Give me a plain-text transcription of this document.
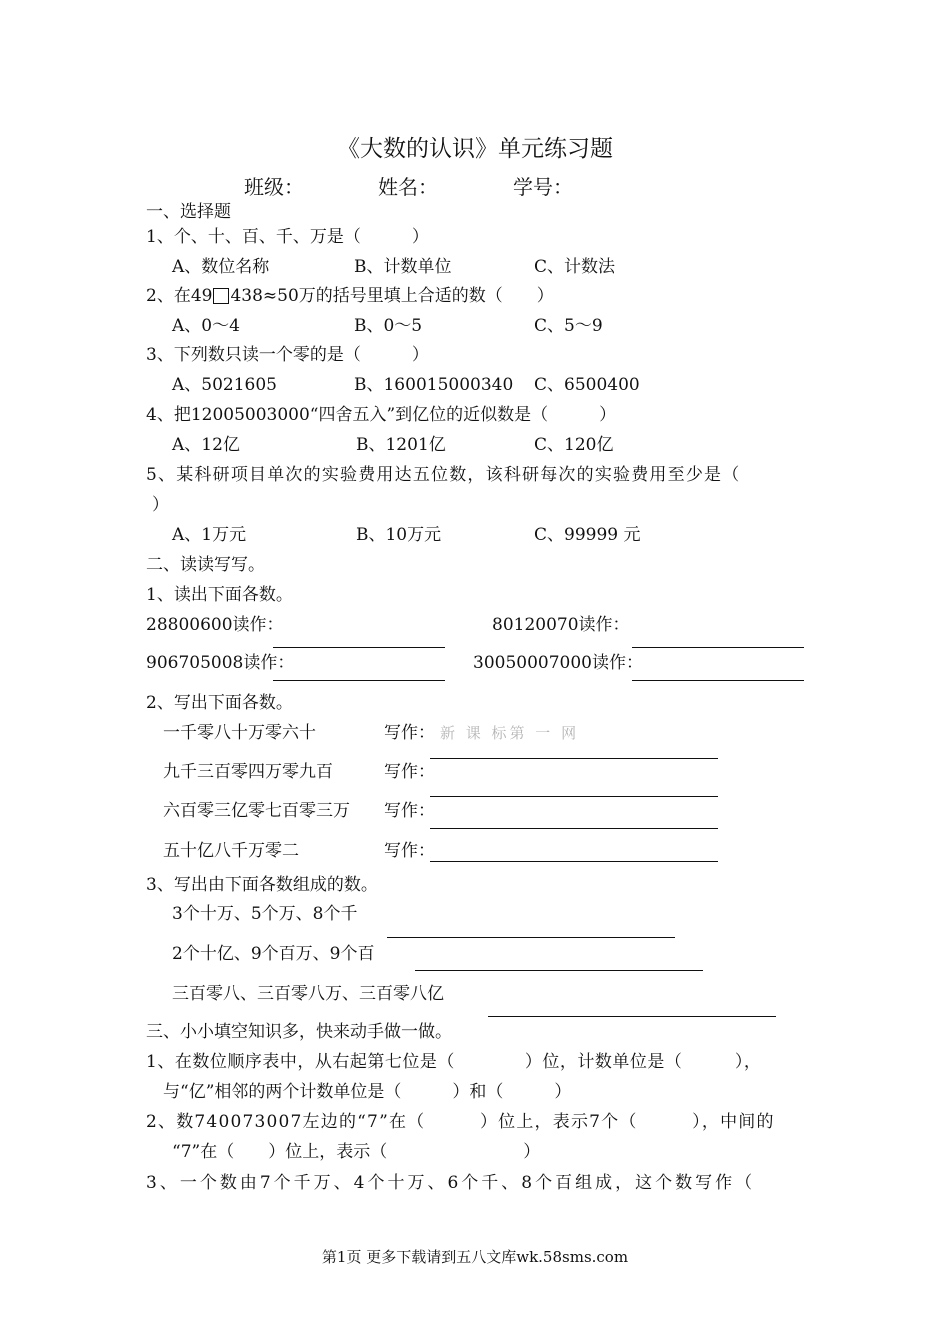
《大数的认识》单元练习题
班级：	姓名：	学号：
一、选择题
1、个、十、百、千、万是（　　　）
A、数位名称	B、计数单位	C、计数法
2、在49 438≈50万的括号里填上合适的数（　　）
A、0～4	B、0～5	C、5～9
3、下列数只读一个零的是（　　　）
A、5021605	B、160015000340 C、6500400
4、把12005003000“四舍五入”到亿位的近似数是（　　　）
A、12亿	B、1201亿	C、120亿
5、某科研项目单次的实验费用达五位数，该科研每次的实验费用至少是（
）
A、1万元	B、10万元	C、99999 元
二、读读写写。
1、读出下面各数。
28800600读作：	80120070读作：
906705008读作：	30050007000读作：
2、写出下面各数。
一千零八十万零六十	写作： 新 课 标第 一 网
九千三百零四万零九百	写作：
六百零三亿零七百零三万 写作：
五十亿八千万零二	写作：
3、写出由下面各数组成的数。
3个十万、5个万、8个千
2个十亿、9个百万、9个百
三百零八、三百零八万、三百零八亿
三、小小填空知识多，快来动手做一做。
1、在数位顺序表中，从右起第七位是（　　　　）位，计数单位是（　　　），
与“亿”相邻的两个计数单位是（　　　）和（　　　）
2、数740073007左边的“7”在（　　　）位上，表示7个（　　　），中间的
“7”在（　　）位上，表示（　　　　　　　　）
3、一个数由7个千万、4个十万、6个千、8个百组成，这个数写作（
第1页 更多下载请到五八文库wk.58sms.com
